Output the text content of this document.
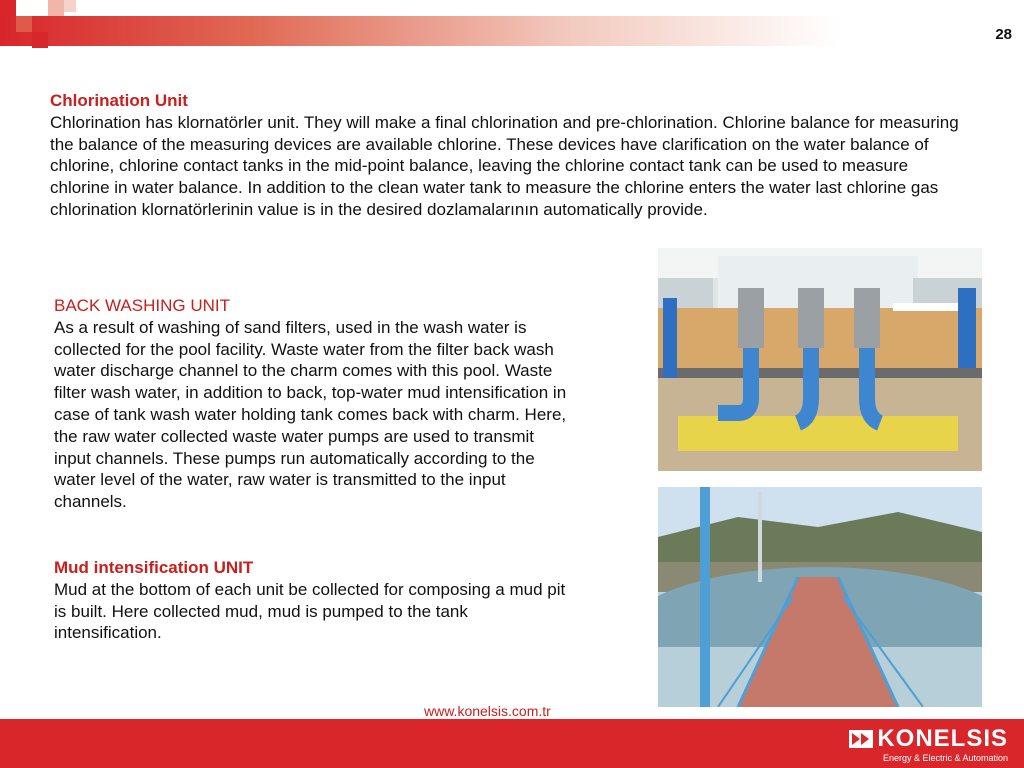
28
Chlorination Unit
Chlorination has klornatörler unit. They will make a final chlorination and pre-chlorination. Chlorine balance for measuring the balance of the measuring devices are available chlorine. These devices have clarification on the water balance of chlorine, chlorine contact tanks in the mid-point balance, leaving the chlorine contact tank can be used to measure chlorine in water balance. In addition to the clean water tank to measure the chlorine enters the water last chlorine gas chlorination klornatörlerinin value is in the desired dozlamalarının automatically provide.
BACK WASHING UNIT
As a result of washing of sand filters, used in the wash water is collected for the pool facility. Waste water from the filter back wash water discharge channel to the charm comes with this pool. Waste filter wash water, in addition to back, top-water mud intensification in case of tank wash water holding tank comes back with charm. Here, the raw water collected waste water pumps are used to transmit input channels. These pumps run automatically according to the water level of the water, raw water is transmitted to the input channels.
Mud intensification UNIT
Mud at the bottom of each unit be collected for composing a mud pit is built. Here collected mud, mud is pumped to the tank intensification.
www.konelsis.com.tr
KONELSIS
Energy & Electric & Automation
